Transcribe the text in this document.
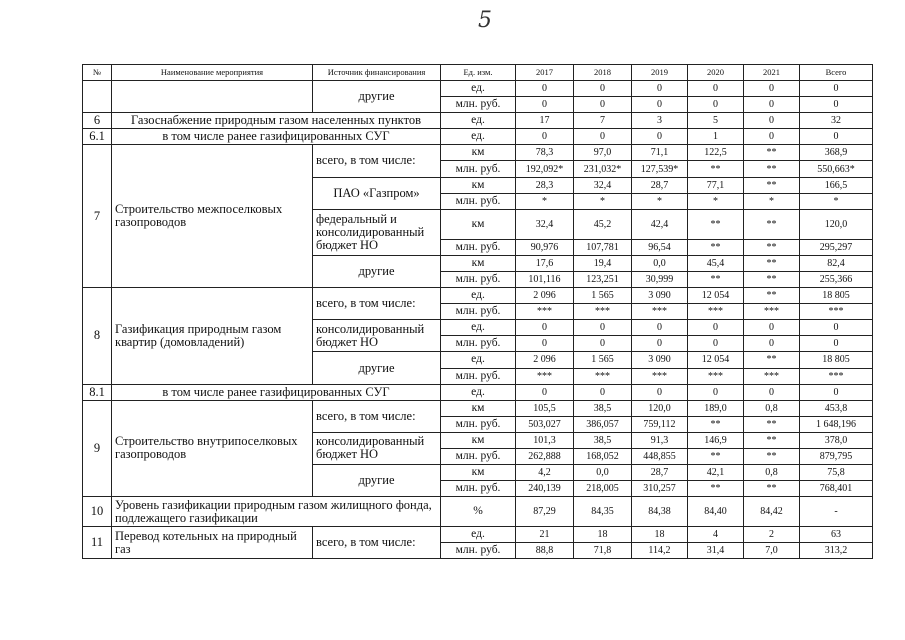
5
№	Наименование мероприятия	Источник финансирования	Ед. изм.	2017	2018	2019	2020	2021	Всего
		другие	ед.	0	0	0	0	0	0
			млн. руб.	0	0	0	0	0	0
6	Газоснабжение природным газом населенных пунктов		ед.	17	7	3	5	0	32
6.1	в том числе ранее газифицированных СУГ		ед.	0	0	0	1	0	0
7	Строительство межпоселковых газопроводов	всего, в том числе:	км	78,3	97,0	71,1	122,5	**	368,9
			млн. руб.	192,092*	231,032*	127,539*	**	**	550,663*
		ПАО «Газпром»	км	28,3	32,4	28,7	77,1	**	166,5
			млн. руб.	*	*	*	*	*	*
		федеральный и консолидированный бюджет НО	км	32,4	45,2	42,4	**	**	120,0
			млн. руб.	90,976	107,781	96,54	**	**	295,297
		другие	км	17,6	19,4	0,0	45,4	**	82,4
			млн. руб.	101,116	123,251	30,999	**	**	255,366
8	Газификация природным газом квартир (домовладений)	всего, в том числе:	ед.	2 096	1 565	3 090	12 054	**	18 805
			млн. руб.	***	***	***	***	***	***
		консолидированный бюджет НО	ед.	0	0	0	0	0	0
			млн. руб.	0	0	0	0	0	0
		другие	ед.	2 096	1 565	3 090	12 054	**	18 805
			млн. руб.	***	***	***	***	***	***
8.1	в том числе ранее газифицированных СУГ		ед.	0	0	0	0	0	0
9	Строительство внутрипоселковых газопроводов	всего, в том числе:	км	105,5	38,5	120,0	189,0	0,8	453,8
			млн. руб.	503,027	386,057	759,112	**	**	1 648,196
		консолидированный бюджет НО	км	101,3	38,5	91,3	146,9	**	378,0
			млн. руб.	262,888	168,052	448,855	**	**	879,795
		другие	км	4,2	0,0	28,7	42,1	0,8	75,8
			млн. руб.	240,139	218,005	310,257	**	**	768,401
10	Уровень газификации природным газом жилищного фонда, подлежащего газификации		%	87,29	84,35	84,38	84,40	84,42	-
11	Перевод котельных на природный газ	всего, в том числе:	ед.	21	18	18	4	2	63
			млн. руб.	88,8	71,8	114,2	31,4	7,0	313,2
